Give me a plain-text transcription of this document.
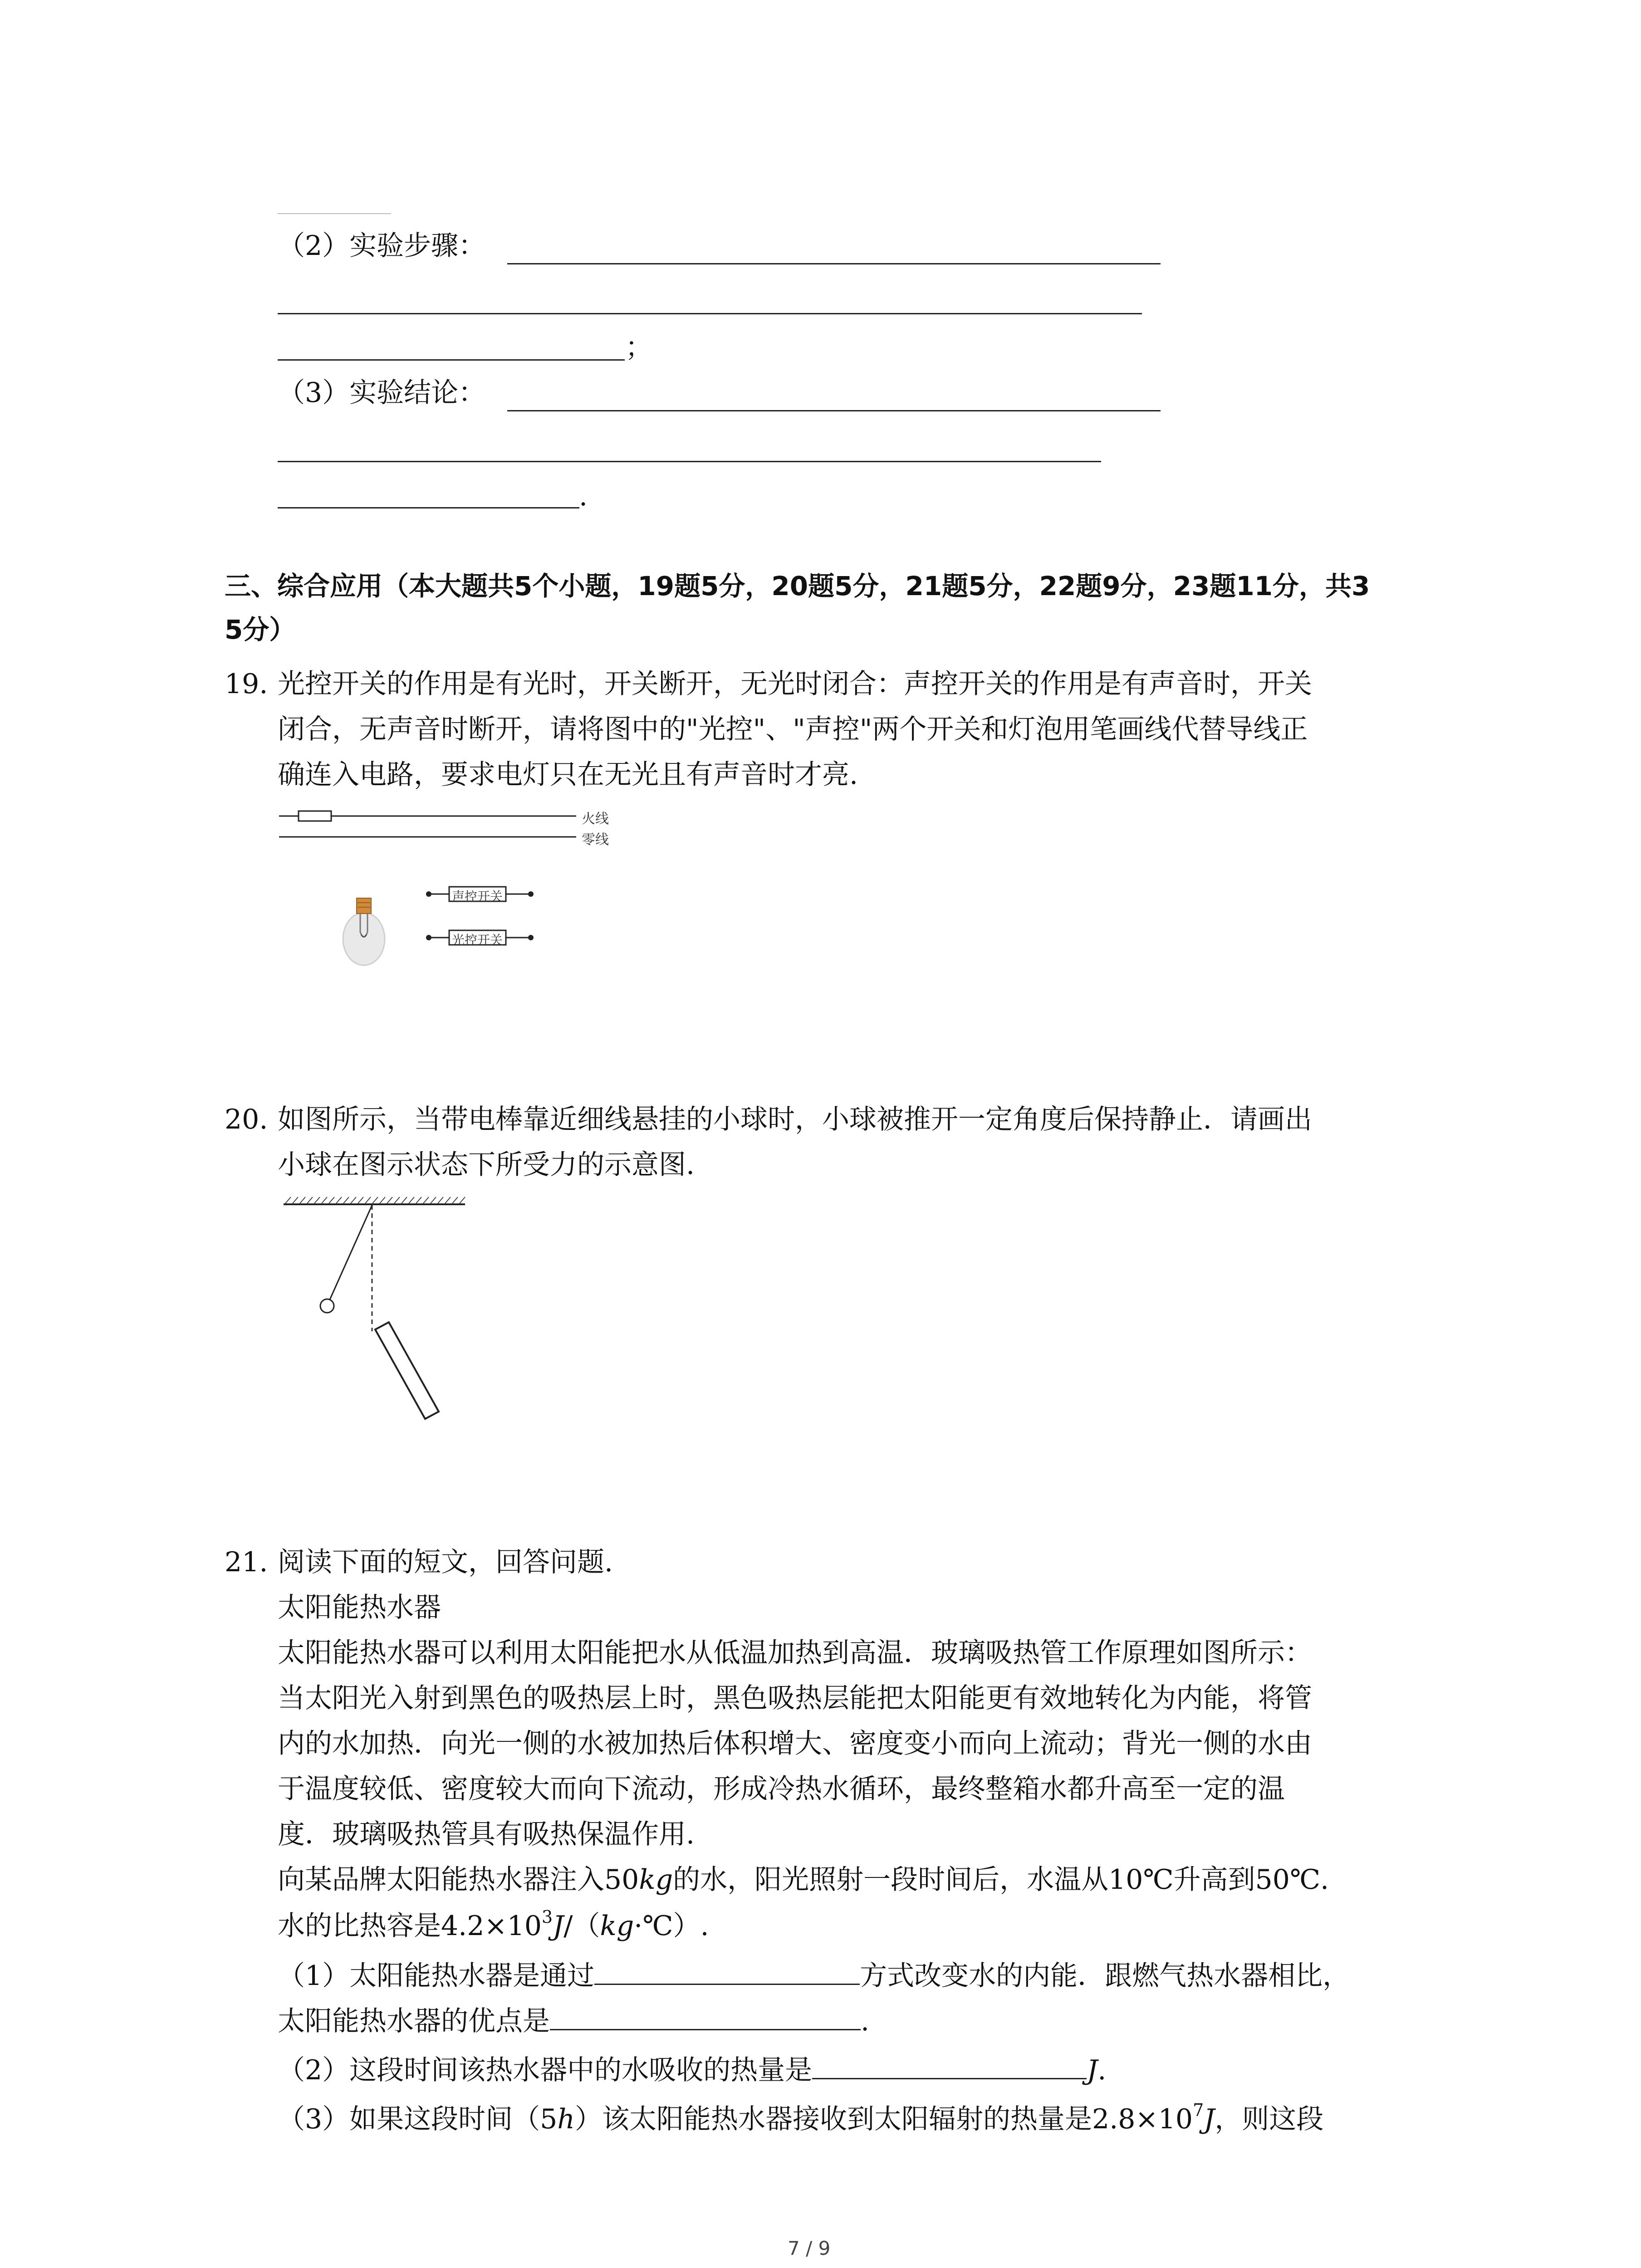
（2）实验步骤：
；
（3）实验结论：
.
三、综合应用（本大题共5个小题，19题5分，20题5分，21题5分，22题9分，23题11分，共3
5分）
19. 光控开关的作用是有光时，开关断开，无光时闭合：声控开关的作用是有声音时，开关
闭合，无声音时断开，请将图中的"光控"、"声控"两个开关和灯泡用笔画线代替导线正
确连入电路，要求电灯只在无光且有声音时才亮.
火线
零线
声控开关
光控开关
20. 如图所示，当带电棒靠近细线悬挂的小球时，小球被推开一定角度后保持静止．请画出
小球在图示状态下所受力的示意图.
21. 阅读下面的短文，回答问题.
太阳能热水器
太阳能热水器可以利用太阳能把水从低温加热到高温．玻璃吸热管工作原理如图所示：
当太阳光入射到黑色的吸热层上时，黑色吸热层能把太阳能更有效地转化为内能，将管
内的水加热．向光一侧的水被加热后体积增大、密度变小而向上流动；背光一侧的水由
于温度较低、密度较大而向下流动，形成冷热水循环，最终整箱水都升高至一定的温
度．玻璃吸热管具有吸热保温作用.
向某品牌太阳能热水器注入50kg的水，阳光照射一段时间后，水温从10℃升高到50℃.
水的比热容是$4.2\times 10^3J/(kg\cdot℃)$.
（1）太阳能热水器是通过	方式改变水的内能．跟燃气热水器相比，
太阳能热水器的优点是	.
（2）这段时间该热水器中的水吸收的热量是	J.
（3）如果这段时间（5h）该太阳能热水器接收到太阳辐射的热量是$2.8\times 10^7J$，则这段
7 / 9
